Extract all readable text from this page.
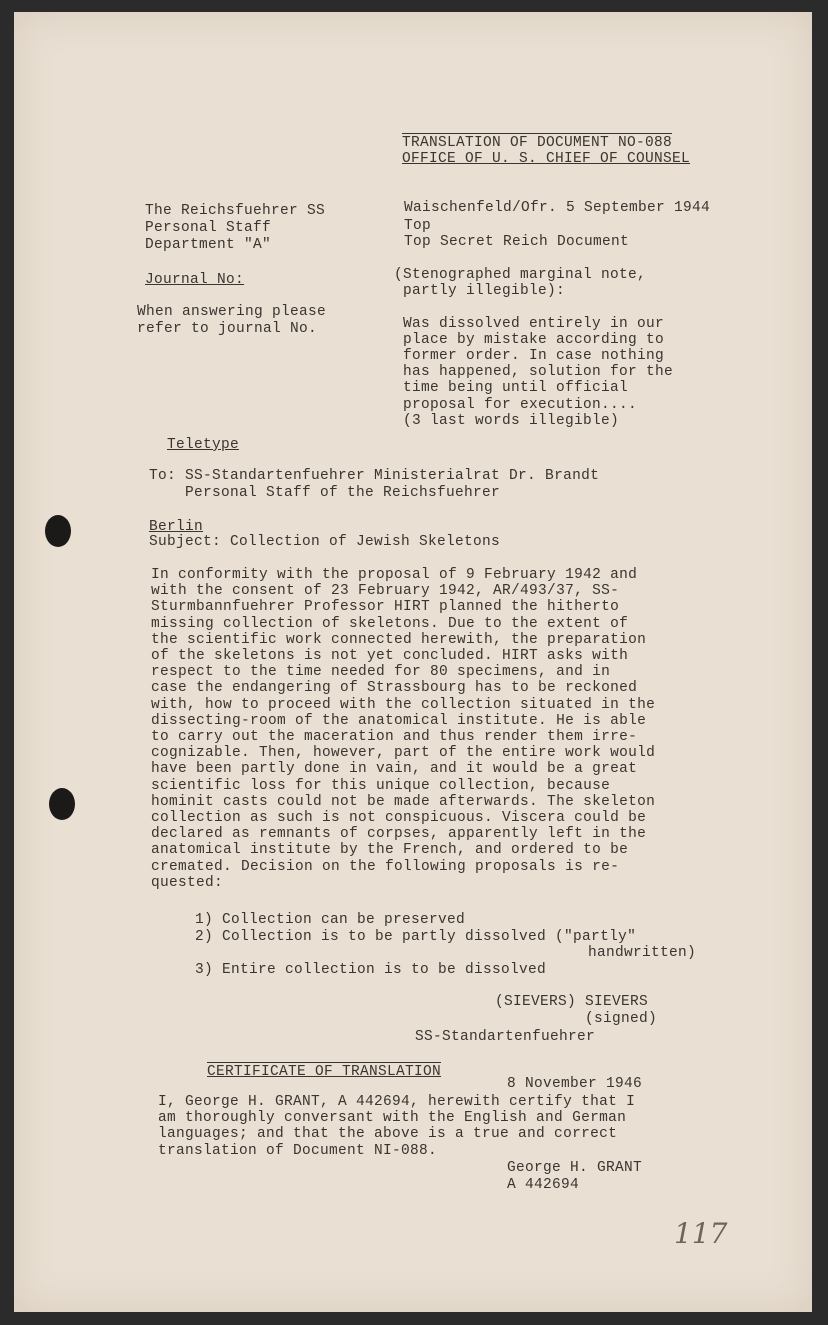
TRANSLATION OF DOCUMENT NO-088
OFFICE OF U. S. CHIEF OF COUNSEL
The Reichsfuehrer SS
Personal Staff
Department "A"
Journal No:
When answering please
refer to journal No.
Waischenfeld/Ofr. 5 September 1944
Top
Top Secret Reich Document
(Stenographed marginal note,
partly illegible):

Was dissolved entirely in our
place by mistake according to
former order. In case nothing
has happened, solution for the
time being until official
proposal for execution....
(3 last words illegible)
Teletype
To: SS-Standartenfuehrer Ministerialrat Dr. Brandt
Personal Staff of the Reichsfuehrer
Berlin
Subject: Collection of Jewish Skeletons
In conformity with the proposal of 9 February 1942 and
with the consent of 23 February 1942, AR/493/37, SS-
Sturmbannfuehrer Professor HIRT planned the hitherto
missing collection of skeletons. Due to the extent of
the scientific work connected herewith, the preparation
of the skeletons is not yet concluded. HIRT asks with
respect to the time needed for 80 specimens, and in
case the endangering of Strassbourg has to be reckoned
with, how to proceed with the collection situated in the
dissecting-room of the anatomical institute. He is able
to carry out the maceration and thus render them irre-
cognizable. Then, however, part of the entire work would
have been partly done in vain, and it would be a great
scientific loss for this unique collection, because
hominit casts could not be made afterwards. The skeleton
collection as such is not conspicuous. Viscera could be
declared as remnants of corpses, apparently left in the
anatomical institute by the French, and ordered to be
cremated. Decision on the following proposals is re-
quested:
1) Collection can be preserved
2) Collection is to be partly dissolved ("partly"
handwritten)
3) Entire collection is to be dissolved
(SIEVERS) SIEVERS
(signed)
SS-Standartenfuehrer
CERTIFICATE OF TRANSLATION
8 November 1946
I, George H. GRANT, A 442694, herewith certify that I
am thoroughly conversant with the English and German
languages; and that the above is a true and correct
translation of Document NI-088.
George H. GRANT
A 442694
117
